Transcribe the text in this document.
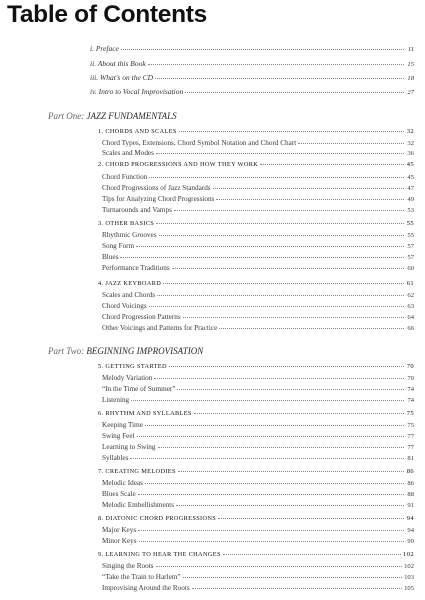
Table of Contents
i. Preface	11
ii. About this Book	15
iii. What's on the CD	18
iv. Intro to Vocal Improvisation	27
Part One: JAZZ FUNDAMENTALS
1. CHORDS AND SCALES	32
Chord Types, Extensions, Chord Symbol Notation and Chord Chart	32
Scales and Modes	36
2. CHORD PROGRESSIONS AND HOW THEY WORK	45
Chord Function	45
Chord Progressions of Jazz Standards	47
Tips for Analyzing Chord Progressions	49
Turnarounds and Vamps	53
3. OTHER BASICS	55
Rhythmic Grooves	55
Song Form	57
Blues	57
Performance Traditions	60
4. JAZZ KEYBOARD	61
Scales and Chords	62
Chord Voicings	63
Chord Progression Patterns	64
Other Voicings and Patterns for Practice	66
Part Two: BEGINNING IMPROVISATION
5. GETTING STARTED	70
Melody Variation	70
“In the Time of Summer”	74
Listening	74
6. RHYTHM AND SYLLABLES	75
Keeping Time	75
Swing Feel	77
Learning to Swing	77
Syllables	81
7. CREATING MELODIES	86
Melodic Ideas	86
Blues Scale	88
Melodic Embellishments	91
8. DIATONIC CHORD PROGRESSIONS	94
Major Keys	94
Minor Keys	99
9. LEARNING TO HEAR THE CHANGES	102
Singing the Roots	102
“Take the Train to Harlem”	103
Improvising Around the Roots	105
